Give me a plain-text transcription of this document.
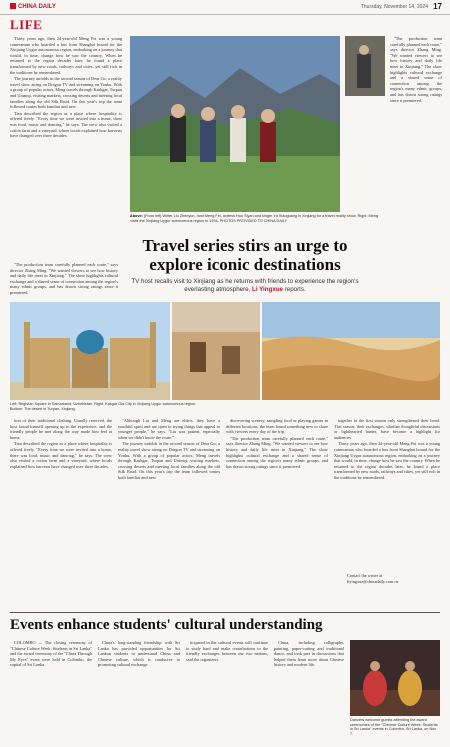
CHINA DAILY	Thursday, November 14, 2024 17
LIFE

Thirty years ago, then 24-year-old Meng Fei was a young cameraman who boarded a bus from Shanghai bound for the Xinjiang Uygur autonomous region, embarking on a journey that would, in time, change how he saw the country. When he returned to the region decades later, he found a place transformed by new roads, railways and cities, yet still rich in the traditions he remembered.

The journey unfolds in the second season of Dear Go, a reality travel show airing on Dragon TV and streaming on Youku. With a group of popular actors, Meng travels through Kashgar, Turpan and Urumqi, visiting markets, crossing deserts and meeting local families along the old Silk Road. On this year's trip the team followed routes both familiar and new.

Tian described the region as a place where hospitality is offered freely. "Every time we were invited into a home, there was food, music and dancing," he says. The crew also visited a cotton farm and a vineyard, where locals explained how harvests have changed over three decades.

"The production team carefully planned each route," says director Zhang Ming. "We wanted viewers to see how history and daily life meet in Xinjiang." The show highlights cultural exchange and a shared sense of connection among the region's many ethnic groups, and has drawn strong ratings since it premiered.

Above: (From left) Writer Liu Zhenyun, host Meng Fei, actress Huo Siyan and singer Yu Xiaoguang in Xinjiang for a travel reality show. Right: Meng visits the Xinjiang Uygur autonomous region in 1994. PHOTOS PROVIDED TO CHINA DAILY
Travel series stirs an urge to explore iconic destinations
TV host recalls visit to Xinjiang as he returns with friends to experience the region's everlasting atmosphere, Li Yingxue reports.

"The production team carefully planned each route," says director Zhang Ming. "We wanted viewers to see how history and daily life meet in Xinjiang." The show highlights cultural exchange and a shared sense of connection among the region's many ethnic groups, and has drawn strong ratings since it premiered.

Left: Registan Square in Samarkand, Uzbekistan. Right: Kasgar Old City in Xinjiang Uygur autonomous region. Bottom: The desert in Turpan, Xinjiang.

tion of their traditional clothing. Usually reserved, the host found himself opening up to the experience, and the friendly people he met along the way made him feel at home.

Tian described the region as a place where hospitality is offered freely. "Every time we were invited into a home, there was food, music and dancing," he says. The crew also visited a cotton farm and a vineyard, where locals explained how harvests have changed over three decades.

"Although Liu and Meng are elders, they have a youthful spirit and are open to trying things that appeal to younger people," he says. "Liu was patient, especially when we didn't know the route."

The journey unfolds in the second season of Dear Go, a reality travel show airing on Dragon TV and streaming on Youku. With a group of popular actors, Meng travels through Kashgar, Turpan and Urumqi, visiting markets, crossing deserts and meeting local families along the old Silk Road. On this year's trip the team followed routes both familiar and new.

discovering scenery, sampling food or playing games in different locations, the team found something new to share with viewers every day of the trip.

"The production team carefully planned each route," says director Zhang Ming. "We wanted viewers to see how history and daily life meet in Xinjiang." The show highlights cultural exchange and a shared sense of connection among the region's many ethnic groups, and has drawn strong ratings since it premiered.

together in the first season only strengthened their bond. This season, their exchanges, whether thoughtful discussions or lighthearted banter, have become a highlight for audiences.

Thirty years ago, then 24-year-old Meng Fei was a young cameraman who boarded a bus from Shanghai bound for the Xinjiang Uygur autonomous region, embarking on a journey that would, in time, change how he saw the country. When he returned to the region decades later, he found a place transformed by new roads, railways and cities, yet still rich in the traditions he remembered.

Contact the writer at
liyingxue@chinadaily.com.cn
Events enhance students' cultural understanding

COLOMBO — The closing ceremony of "Chinese Culture Week: Students in Sri Lanka" and the award ceremony of the "China Through My Eyes" event were held in Colombo, the capital of Sri Lanka.

China's long-standing friendship with Sri Lanka has provided opportunities for Sri Lankan students to understand China and Chinese culture, which is conducive to promoting cultural exchange.

ticipated in the cultural events will continue to study hard and make contributions to the friendly exchanges between our two nations, said the organizers.

China, including calligraphy, painting, paper-cutting and traditional dance, and took part in discussions that helped them learn more about Chinese history and modern life.

Dancers welcome guests attending the award ceremonies of the "Chinese Culture Week: Students in Sri Lanka" events in Colombo, Sri Lanka, on Nov 7.
